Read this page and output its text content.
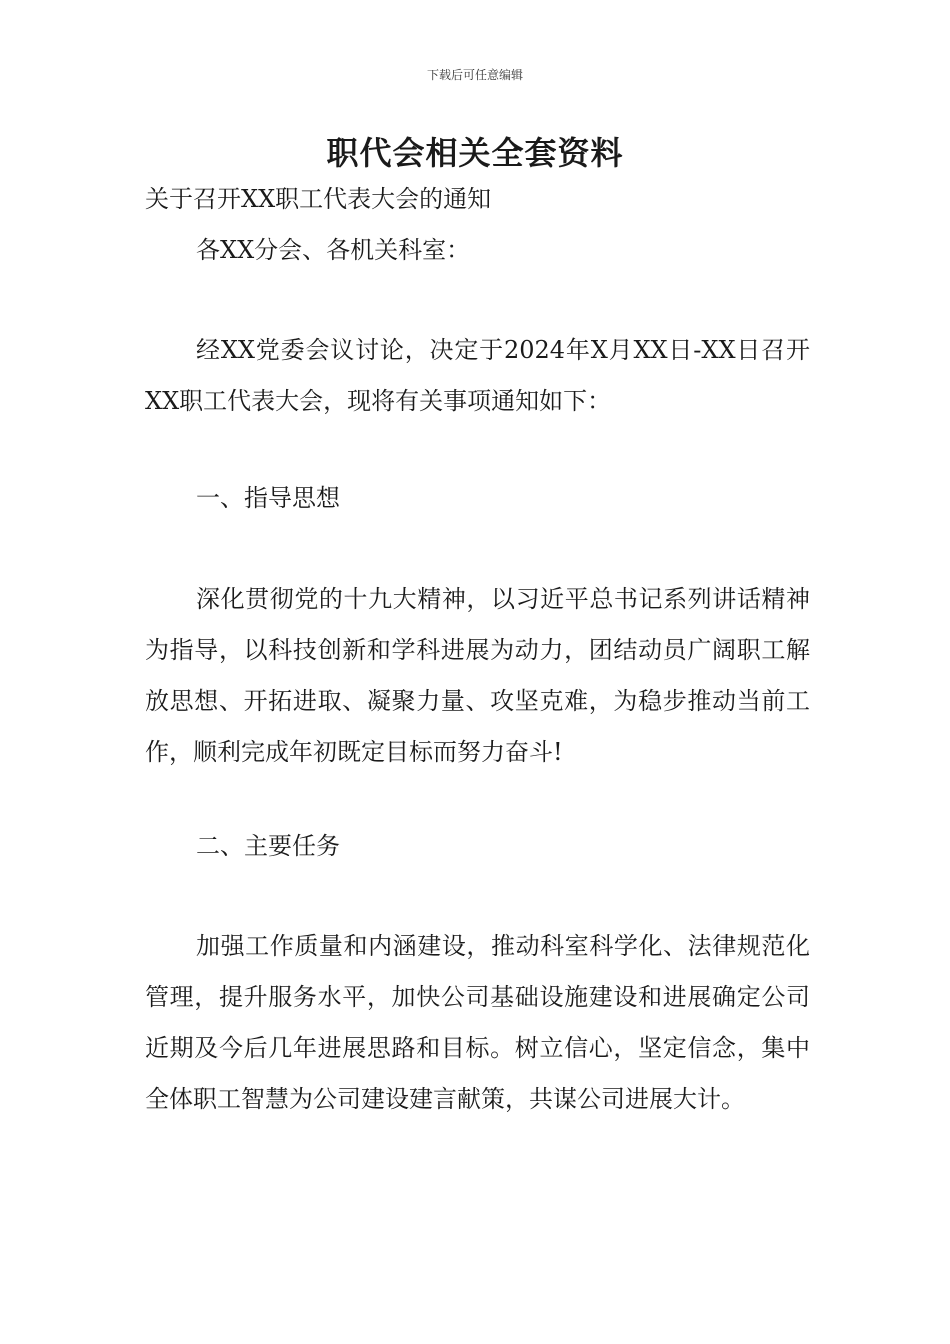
下载后可任意编辑
职代会相关全套资料
关于召开XX职工代表大会的通知
各XX分会、各机关科室：
经XX党委会议讨论，决定于2024年X月XX日-XX日召开XX职工代表大会，现将有关事项通知如下：
一、指导思想
深化贯彻党的十九大精神，以习近平总书记系列讲话精神为指导，以科技创新和学科进展为动力，团结动员广阔职工解放思想、开拓进取、凝聚力量、攻坚克难，为稳步推动当前工作，顺利完成年初既定目标而努力奋斗!
二、主要任务
加强工作质量和内涵建设，推动科室科学化、法律规范化管理，提升服务水平，加快公司基础设施建设和进展确定公司近期及今后几年进展思路和目标。树立信心，坚定信念，集中全体职工智慧为公司建设建言献策，共谋公司进展大计。
